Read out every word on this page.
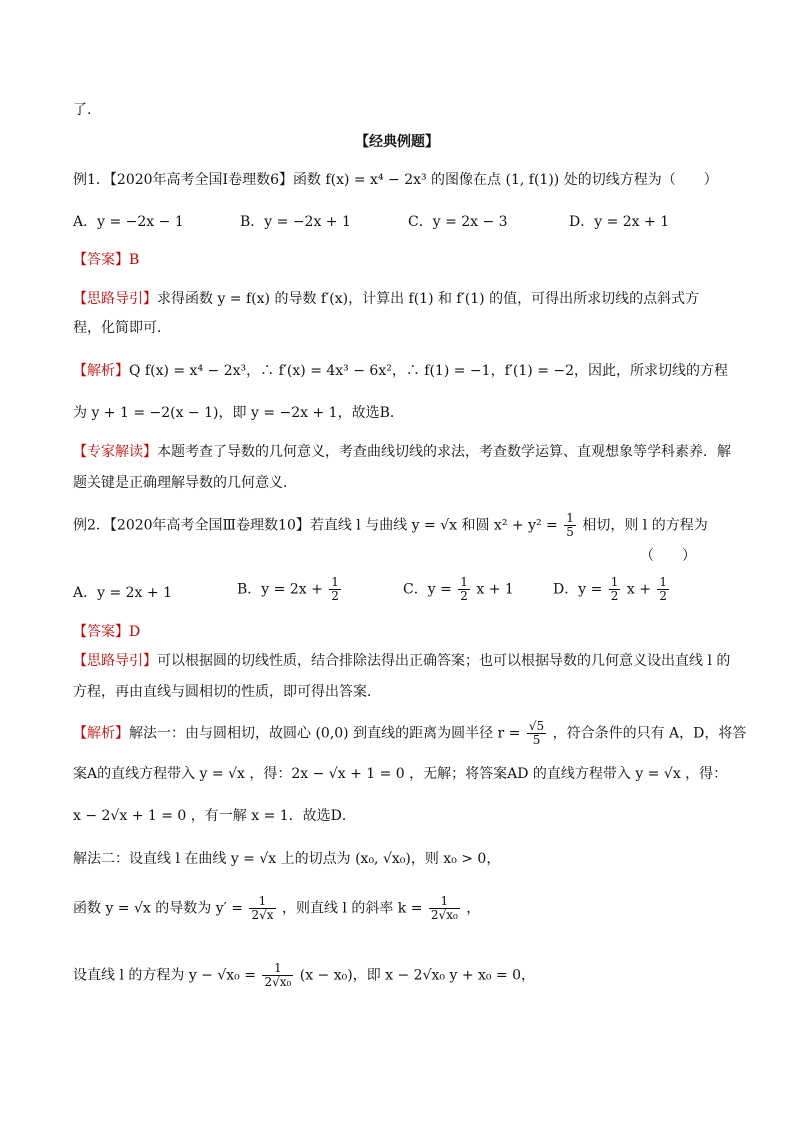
了.
【经典例题】
例1．【2020年高考全国Ⅰ卷理数6】函数 f(x) = x⁴ − 2x³ 的图像在点 (1, f(1)) 处的切线方程为（　　）
A．y = −2x − 1	B．y = −2x + 1	C．y = 2x − 3	D．y = 2x + 1
【答案】B
【思路导引】求得函数 y = f(x) 的导数 f′(x)，计算出 f(1) 和 f′(1) 的值，可得出所求切线的点斜式方
程，化简即可．
【解析】Q f(x) = x⁴ − 2x³，∴ f′(x) = 4x³ − 6x²，∴ f(1) = −1，f′(1) = −2，因此，所求切线的方程
为 y + 1 = −2(x − 1)，即 y = −2x + 1，故选B．
【专家解读】本题考查了导数的几何意义，考查曲线切线的求法，考查数学运算、直观想象等学科素养．解
题关键是正确理解导数的几何意义．
例2．【2020年高考全国Ⅲ卷理数10】若直线 l 与曲线 y = √x 和圆 $x^2 + y^2 = \frac{1}{5}$ 相切，则 l 的方程为
（　　）
A．y = 2x + 1	B．$y = 2x + \frac{1}{2}$	C．$y = \frac{1}{2}$ x + 1	D．$y = \frac{1}{2}$ $x + \frac{1}{2}$
【答案】D
【思路导引】可以根据圆的切线性质，结合排除法得出正确答案；也可以根据导数的几何意义设出直线 l 的
方程，再由直线与圆相切的性质，即可得出答案．
【解析】解法一：由与圆相切，故圆心 (0,0) 到直线的距离为圆半径 $r = \frac{√5}{5}$ ，符合条件的只有 A，D，将答
案A的直线方程带入 y = √x ，得：2x − √x + 1 = 0 ，无解；将答案AD 的直线方程带入 y = √x ，得：
x − 2√x + 1 = 0 ，有一解 x = 1．故选D．
解法二：设直线 l 在曲线 y = √x 上的切点为 (x₀, √x₀)，则 x₀ > 0，
函数 y = √x 的导数为 $y' = \frac{1}{2√x}$ ，则直线 l 的斜率 $k = \frac{1}{\text{2√x₀}}$ ，
设直线 l 的方程为 $y - √x_0 = \frac{1}{\text{2√x₀}} (x - x_0)$，即 x − 2√x₀ y + x₀ = 0，
